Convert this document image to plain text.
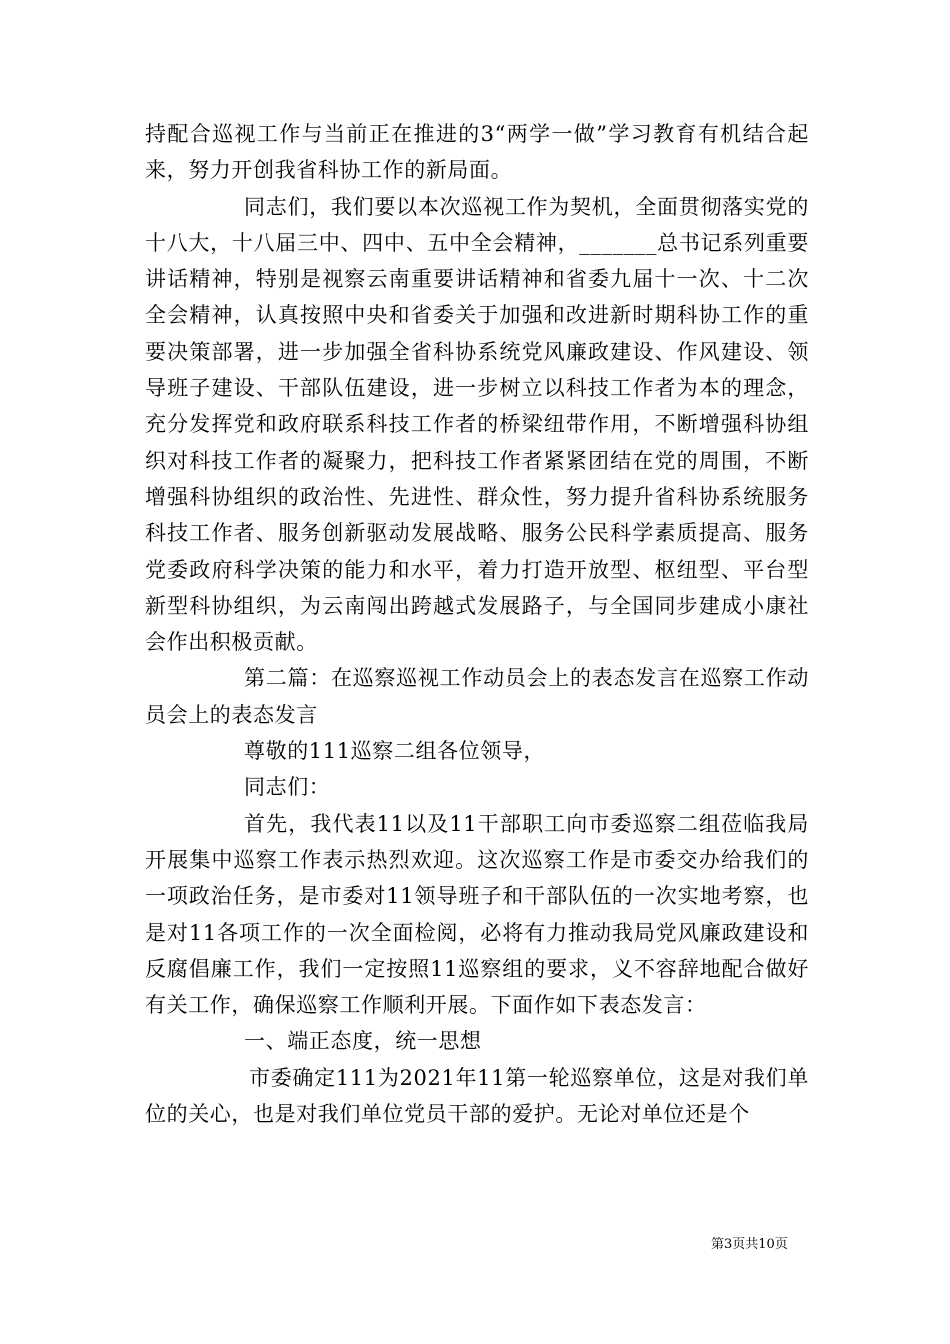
持配合巡视工作与当前正在推进的3“两学一做”学习教育有机结合起来，努力开创我省科协工作的新局面。

同志们，我们要以本次巡视工作为契机，全面贯彻落实党的十八大，十八届三中、四中、五中全会精神，_______总书记系列重要讲话精神，特别是视察云南重要讲话精神和省委九届十一次、十二次全会精神，认真按照中央和省委关于加强和改进新时期科协工作的重要决策部署，进一步加强全省科协系统党风廉政建设、作风建设、领导班子建设、干部队伍建设，进一步树立以科技工作者为本的理念，充分发挥党和政府联系科技工作者的桥梁纽带作用，不断增强科协组织对科技工作者的凝聚力，把科技工作者紧紧团结在党的周围，不断增强科协组织的政治性、先进性、群众性，努力提升省科协系统服务科技工作者、服务创新驱动发展战略、服务公民科学素质提高、服务党委政府科学决策的能力和水平，着力打造开放型、枢纽型、平台型新型科协组织，为云南闯出跨越式发展路子，与全国同步建成小康社会作出积极贡献。

第二篇：在巡察巡视工作动员会上的表态发言在巡察工作动员会上的表态发言

尊敬的111巡察二组各位领导，

同志们：

首先，我代表11以及11干部职工向市委巡察二组莅临我局开展集中巡察工作表示热烈欢迎。这次巡察工作是市委交办给我们的一项政治任务，是市委对11领导班子和干部队伍的一次实地考察，也是对11各项工作的一次全面检阅，必将有力推动我局党风廉政建设和反腐倡廉工作，我们一定按照11巡察组的要求，义不容辞地配合做好有关工作，确保巡察工作顺利开展。下面作如下表态发言：

一、端正态度，统一思想

市委确定111为2021年11第一轮巡察单位，这是对我们单位的关心，也是对我们单位党员干部的爱护。无论对单位还是个

第3页共10页
